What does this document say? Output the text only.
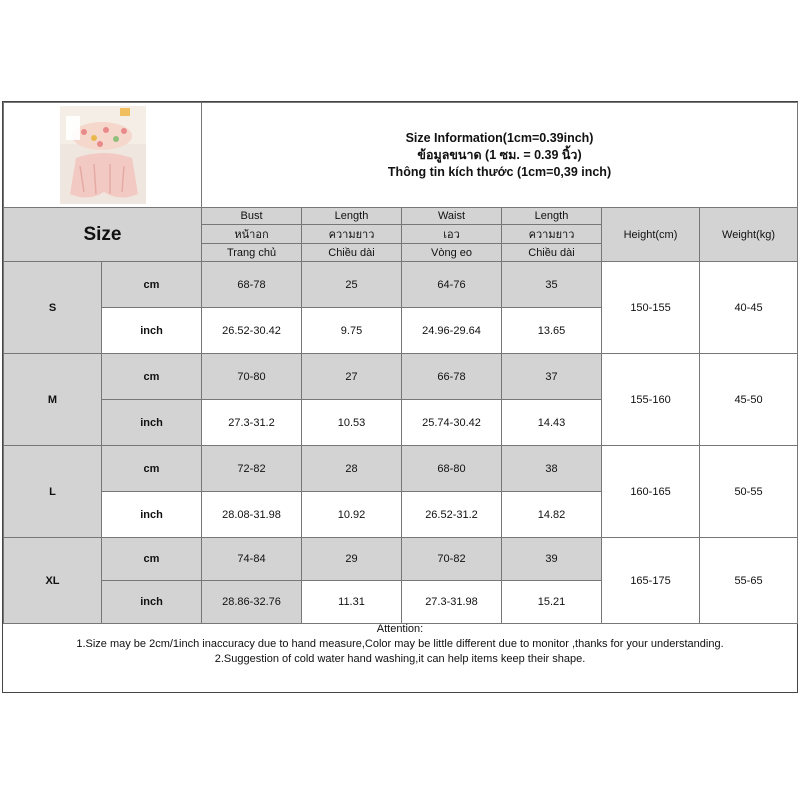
Size Information(1cm=0.39inch)
ข้อมูลขนาด (1 ซม. = 0.39 นิ้ว)
Thông tin kích thước (1cm=0,39 inch)					

Size		Bust	Length	Waist	Length	Height(cm)	Weight(kg)
		หน้าอก	ความยาว	เอว	ความยาว		
		Trang chủ	Chiều dài	Vòng eo	Chiều dài		
S	cm	68-78	25	64-76	35	150-155	40-45
	inch	26.52-30.42	9.75	24.96-29.64	13.65		
M	cm	70-80	27	66-78	37	155-160	45-50
	inch	27.3-31.2	10.53	25.74-30.42	14.43		
L	cm	72-82	28	68-80	38	160-165	50-55
	inch	28.08-31.98	10.92	26.52-31.2	14.82		
XL	cm	74-84	29	70-82	39	165-175	55-65
	inch	28.86-32.76	11.31	27.3-31.98	15.21		
Attention:
1.Size may be 2cm/1inch inaccuracy due to hand measure,Color may be little different due to monitor ,thanks for your understanding.
2.Suggestion of cold water hand washing,it can help items keep their shape.
